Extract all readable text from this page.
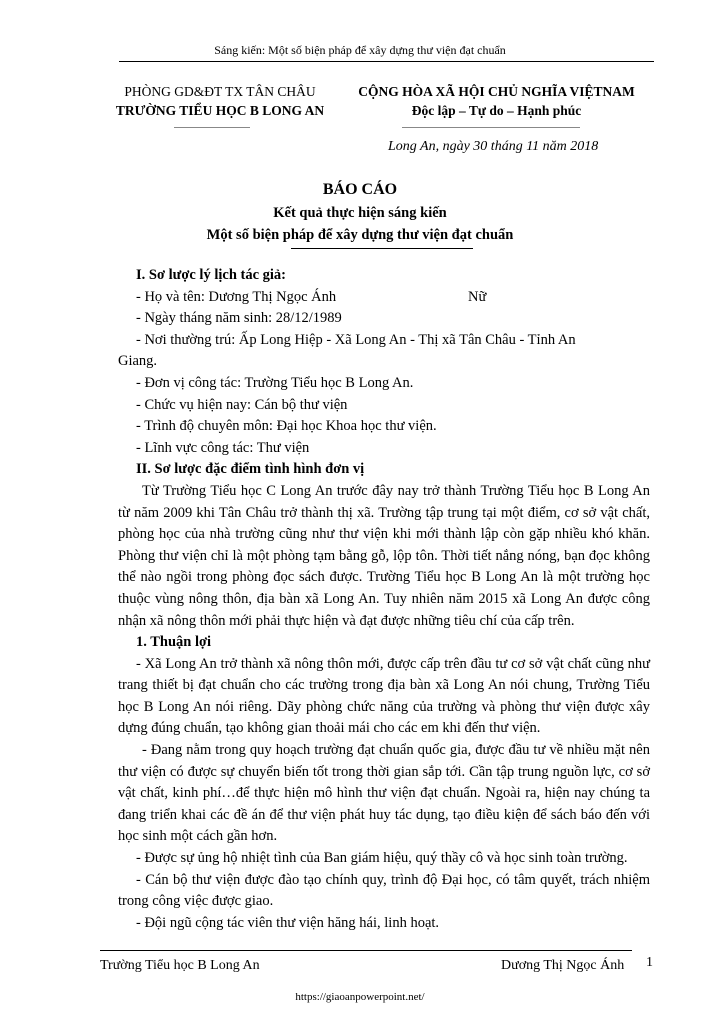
Sáng kiến: Một số biện pháp để xây dựng thư viện đạt chuẩn
PHÒNG GD&ĐT TX TÂN CHÂU
TRƯỜNG TIỂU HỌC B LONG AN
CỘNG HÒA XÃ HỘI CHỦ NGHĨA VIỆTNAM
Độc lập – Tự do – Hạnh phúc
Long An, ngày 30 tháng 11 năm 2018
BÁO CÁO
Kết quả thực hiện sáng kiến
Một số biện pháp để xây dựng thư viện đạt chuẩn

I. Sơ lược lý lịch tác giả:

- Họ và tên: Dương Thị Ngọc Ánh	Nữ

- Ngày tháng năm sinh: 28/12/1989

- Nơi thường trú: Ấp Long Hiệp - Xã Long An - Thị xã Tân Châu - Tỉnh An

Giang.

- Đơn vị công tác: Trường Tiểu học B Long An.

- Chức vụ hiện nay: Cán bộ thư viện

- Trình độ chuyên môn: Đại học Khoa học thư viện.

- Lĩnh vực công tác: Thư viện

II. Sơ lược đặc điểm tình hình đơn vị

Từ Trường Tiểu học C Long An trước đây nay trở thành Trường Tiểu học B Long An từ năm 2009 khi Tân Châu trở thành thị xã. Trường tập trung tại một điểm, cơ sở vật chất, phòng học của nhà trường cũng như thư viện khi mới thành lập còn gặp nhiều khó khăn. Phòng thư viện chỉ là một phòng tạm bằng gỗ, lộp tôn. Thời tiết nắng nóng, bạn đọc không thể nào ngồi trong phòng đọc sách được. Trường Tiểu học B Long An là một trường học thuộc vùng nông thôn, địa bàn xã Long An. Tuy nhiên năm 2015 xã Long An được công nhận xã nông thôn mới phải thực hiện và đạt được những tiêu chí của cấp trên.

1. Thuận lợi

- Xã Long An trở thành xã nông thôn mới, được cấp trên đầu tư cơ sở vật chất cũng như trang thiết bị đạt chuẩn cho các trường trong địa bàn xã Long An nói chung, Trường Tiểu học B Long An nói riêng. Dãy phòng chức năng của trường và phòng thư viện được xây dựng đúng chuẩn, tạo không gian thoải mái cho các em khi đến thư viện.

- Đang nằm trong quy hoạch trường đạt chuẩn quốc gia, được đầu tư về nhiều mặt nên thư viện có được sự chuyển biến tốt trong thời gian sắp tới. Cần tập trung nguồn lực, cơ sở vật chất, kinh phí…để thực hiện mô hình thư viện đạt chuẩn. Ngoài ra, hiện nay chúng ta đang triển khai các đề án để thư viện phát huy tác dụng, tạo điều kiện để sách báo đến với học sinh một cách gần hơn.

- Được sự ủng hộ nhiệt tình của Ban giám hiệu, quý thầy cô và học sinh toàn trường.

- Cán bộ thư viện được đào tạo chính quy, trình độ Đại học, có tâm quyết, trách nhiệm trong công việc được giao.

- Đội ngũ cộng tác viên thư viện hăng hái, linh hoạt.

Trường Tiểu học B Long An	Dương Thị Ngọc Ánh 1
https://giaoanpowerpoint.net/
